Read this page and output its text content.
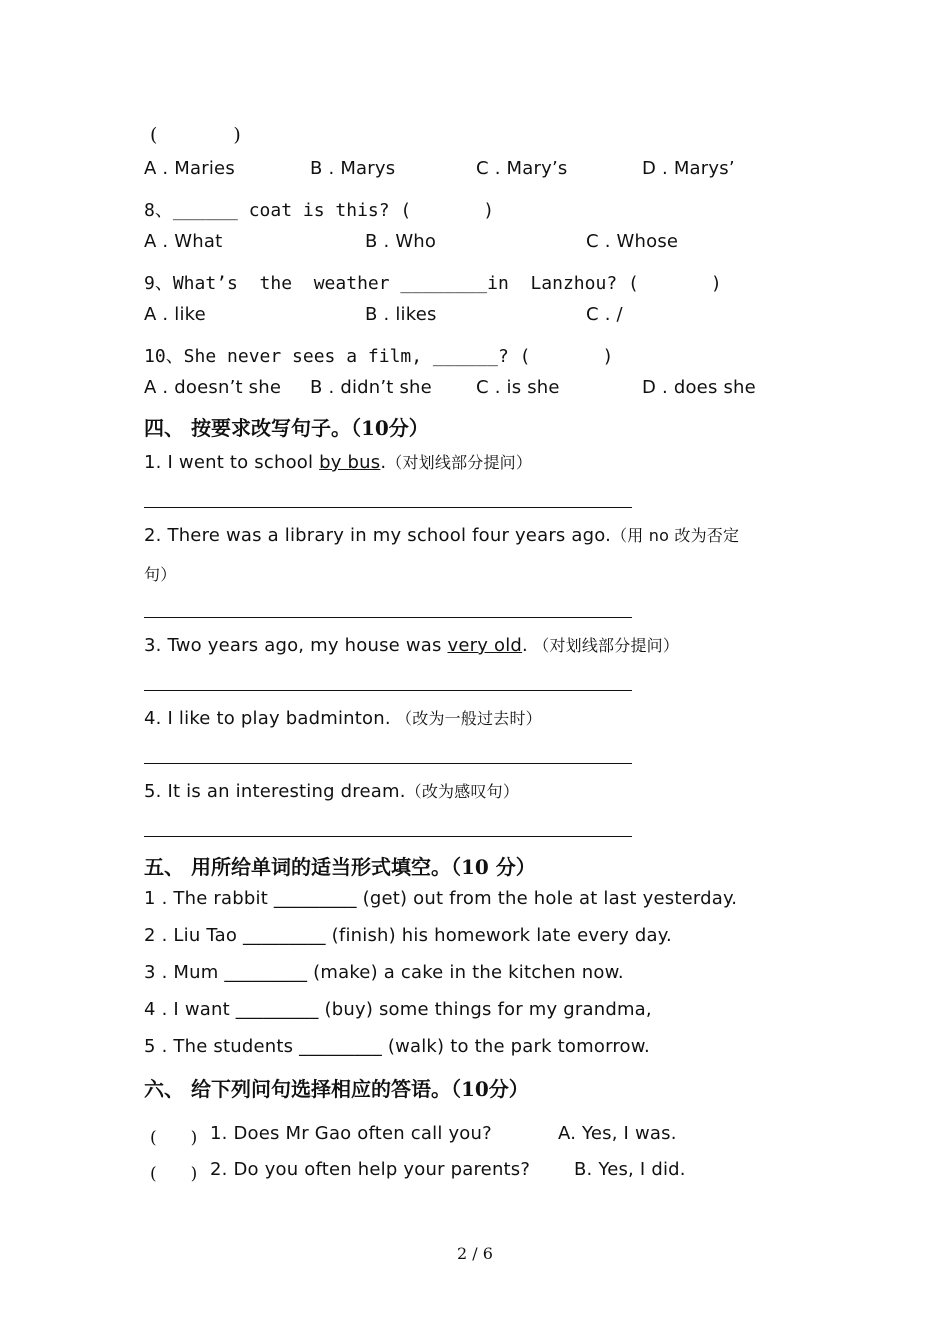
(　　　　)
A . Maries	B . Marys	C . Mary’s	D . Marys’
8、______ coat is this? (　　　　)
A . What	B . Who	C . Whose
9、What’s  the  weather ________in  Lanzhou? (　　　　)
A . like	B . likes	C . /
10、She never sees a film, ______? (　　　　)
A . doesn’t she B . didn’t she C . is she	D . does she
四、 按要求改写句子。（10分）
1. I went to school by bus.（对划线部分提问）
2. There was a library in my school four years ago.（用 no 改为否定
句）
3. Two years ago, my house was very old. （对划线部分提问）
4. I like to play badminton. （改为一般过去时）
5. It is an interesting dream.（改为感叹句）
五、 用所给单词的适当形式填空。（10 分）
1 . The rabbit _________ (get) out from the hole at last yesterday.
2 . Liu Tao _________ (finish) his homework late every day.
3 . Mum _________ (make) a cake in the kitchen now.
4 . I want _________ (buy) some things for my grandma,
5 . The students _________ (walk) to the park tomorrow.
六、 给下列问句选择相应的答语。（10分）
(　　) 1. Does Mr Gao often call you?	A. Yes, I was.
(　　) 2. Do you often help your parents? B. Yes, I did.
2 / 6
